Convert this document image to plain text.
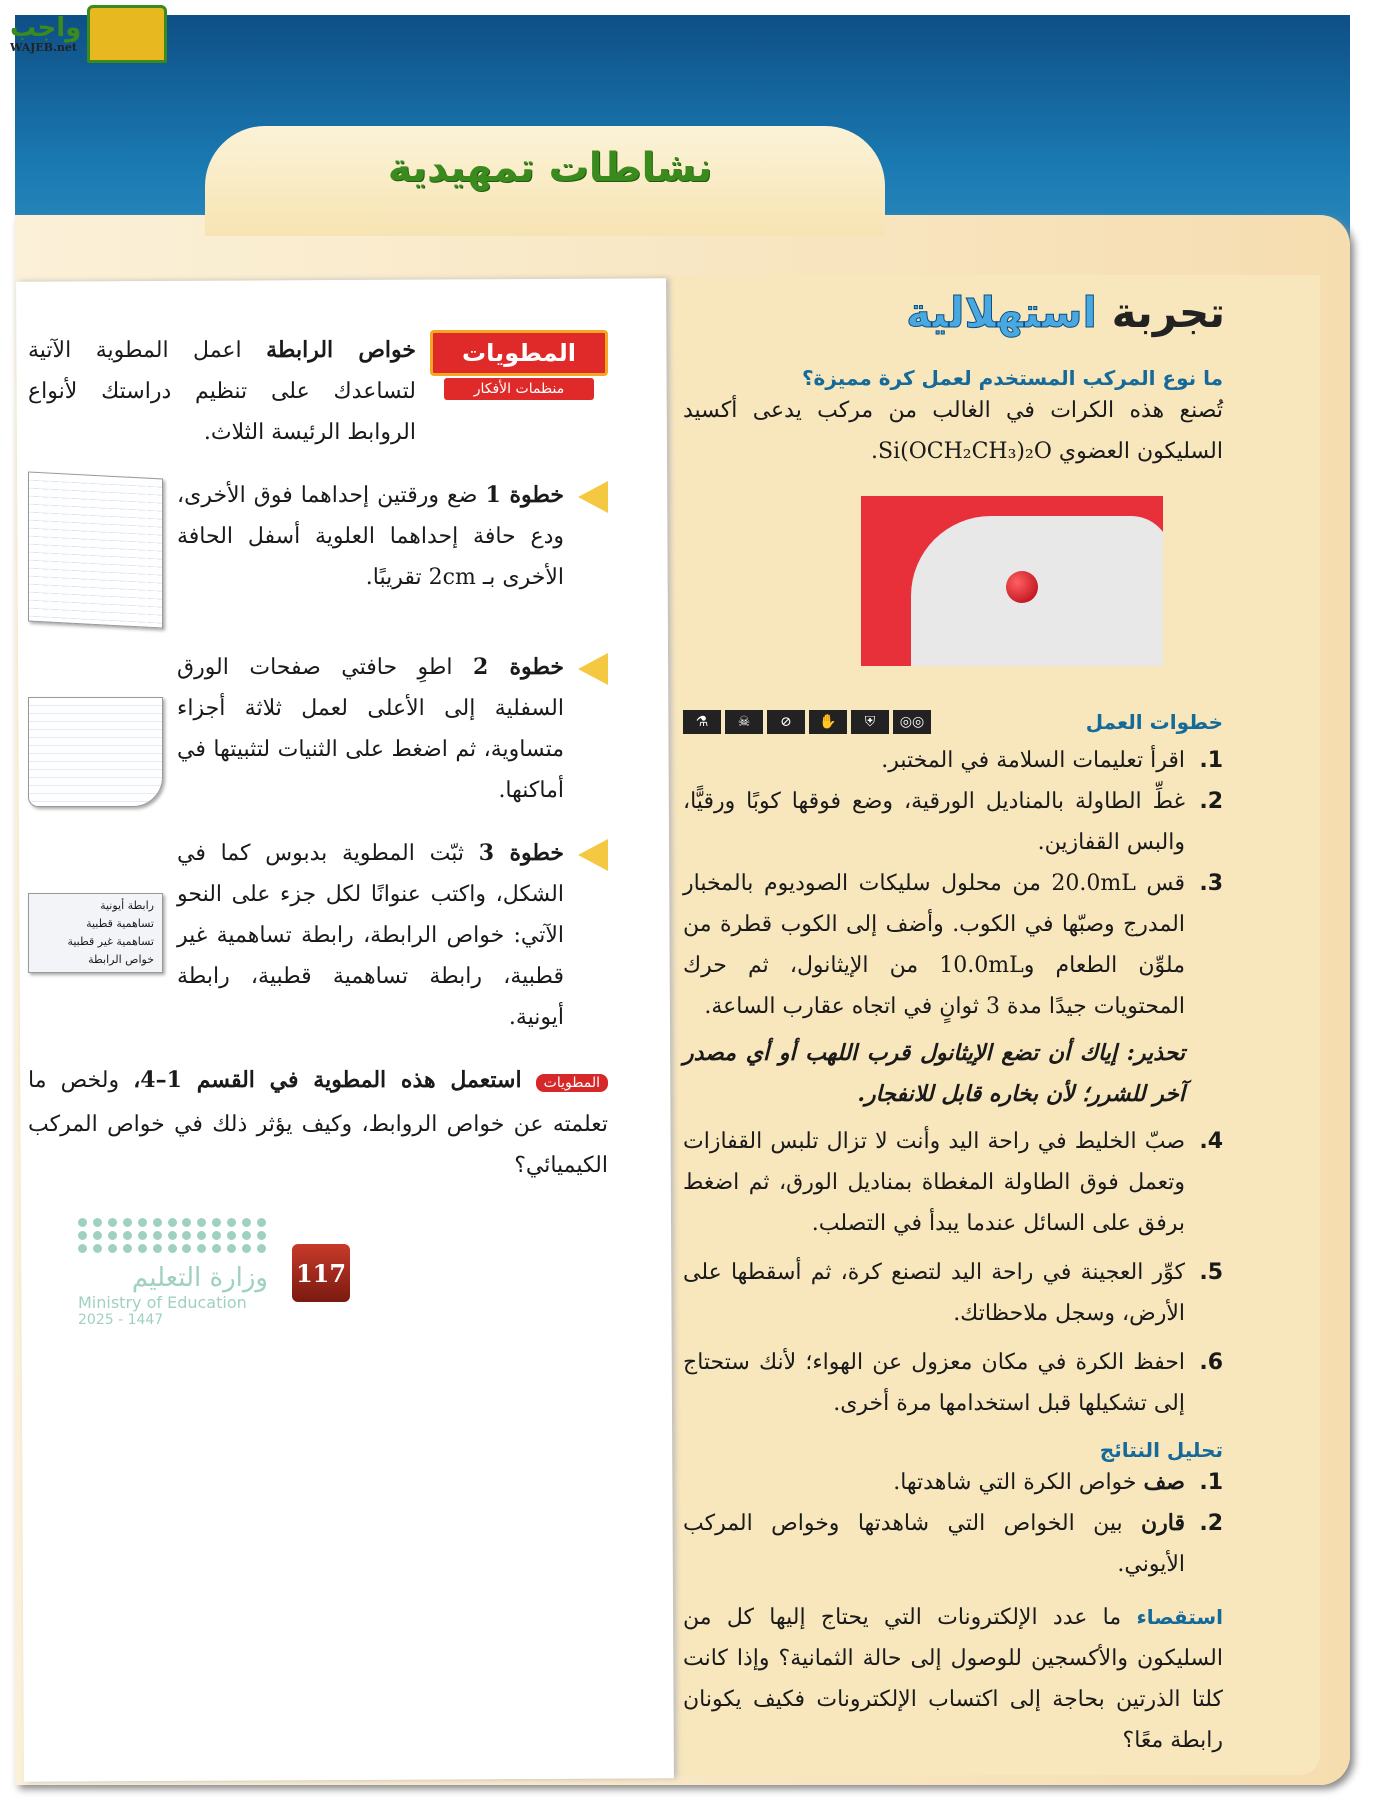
نشاطات تمهيدية
واجب
WAJEB.net
تجربة استهلالية
ما نوع المركب المستخدم لعمل كرة مميزة؟
تُصنع هذه الكرات في الغالب من مركب يدعى أكسيد السليكون العضوي Si(OCH₂CH₃)₂O.
خطوات العمل
◎◎
⛨
✋
⊘
☠
⚗
1.
اقرأ تعليمات السلامة في المختبر.
2.
غطِّ الطاولة بالمناديل الورقية، وضع فوقها كوبًا ورقيًّا، والبس القفازين.
3.
قس 20.0mL من محلول سليكات الصوديوم بالمخبار المدرج وصبّها في الكوب. وأضف إلى الكوب قطرة من ملوِّن الطعام و10.0mL من الإيثانول، ثم حرك المحتويات جيدًا مدة 3 ثوانٍ في اتجاه عقارب الساعة.
تحذير: إياك أن تضع الإيثانول قرب اللهب أو أي مصدر آخر للشرر؛ لأن بخاره قابل للانفجار.
4.
صبّ الخليط في راحة اليد وأنت لا تزال تلبس القفازات وتعمل فوق الطاولة المغطاة بمناديل الورق، ثم اضغط برفق على السائل عندما يبدأ في التصلب.
5.
كوِّر العجينة في راحة اليد لتصنع كرة، ثم أسقطها على الأرض، وسجل ملاحظاتك.
6.
احفظ الكرة في مكان معزول عن الهواء؛ لأنك ستحتاج إلى تشكيلها قبل استخدامها مرة أخرى.
تحليل النتائج
1.
صف خواص الكرة التي شاهدتها.
2.
قارن بين الخواص التي شاهدتها وخواص المركب الأيوني.
استقصاء ما عدد الإلكترونات التي يحتاج إليها كل من السليكون والأكسجين للوصول إلى حالة الثمانية؟ وإذا كانت كلتا الذرتين بحاجة إلى اكتساب الإلكترونات فكيف يكونان رابطة معًا؟
المطويات
منظمات الأفكار
خواص الرابطة اعمل المطوية الآتية لتساعدك على تنظيم دراستك لأنواع الروابط الرئيسة الثلاث.
خطوة 1 ضع ورقتين إحداهما فوق الأخرى، ودع حافة إحداهما العلوية أسفل الحافة الأخرى بـ 2cm تقريبًا.
خطوة 2 اطوِ حافتي صفحات الورق السفلية إلى الأعلى لعمل ثلاثة أجزاء متساوية، ثم اضغط على الثنيات لتثبيتها في أماكنها.
خطوة 3 ثبّت المطوية بدبوس كما في الشكل، واكتب عنوانًا لكل جزء على النحو الآتي: خواص الرابطة، رابطة تساهمية غير قطبية، رابطة تساهمية قطبية، رابطة أيونية.
رابطة أيونية
تساهمية قطبية
تساهمية غير قطبية
خواص الرابطة
المطويات استعمل هذه المطوية في القسم 1–4، ولخص ما تعلمته عن خواص الروابط، وكيف يؤثر ذلك في خواص المركب الكيميائي؟
وزارة التعليم
Ministry of Education
2025 - 1447
117
